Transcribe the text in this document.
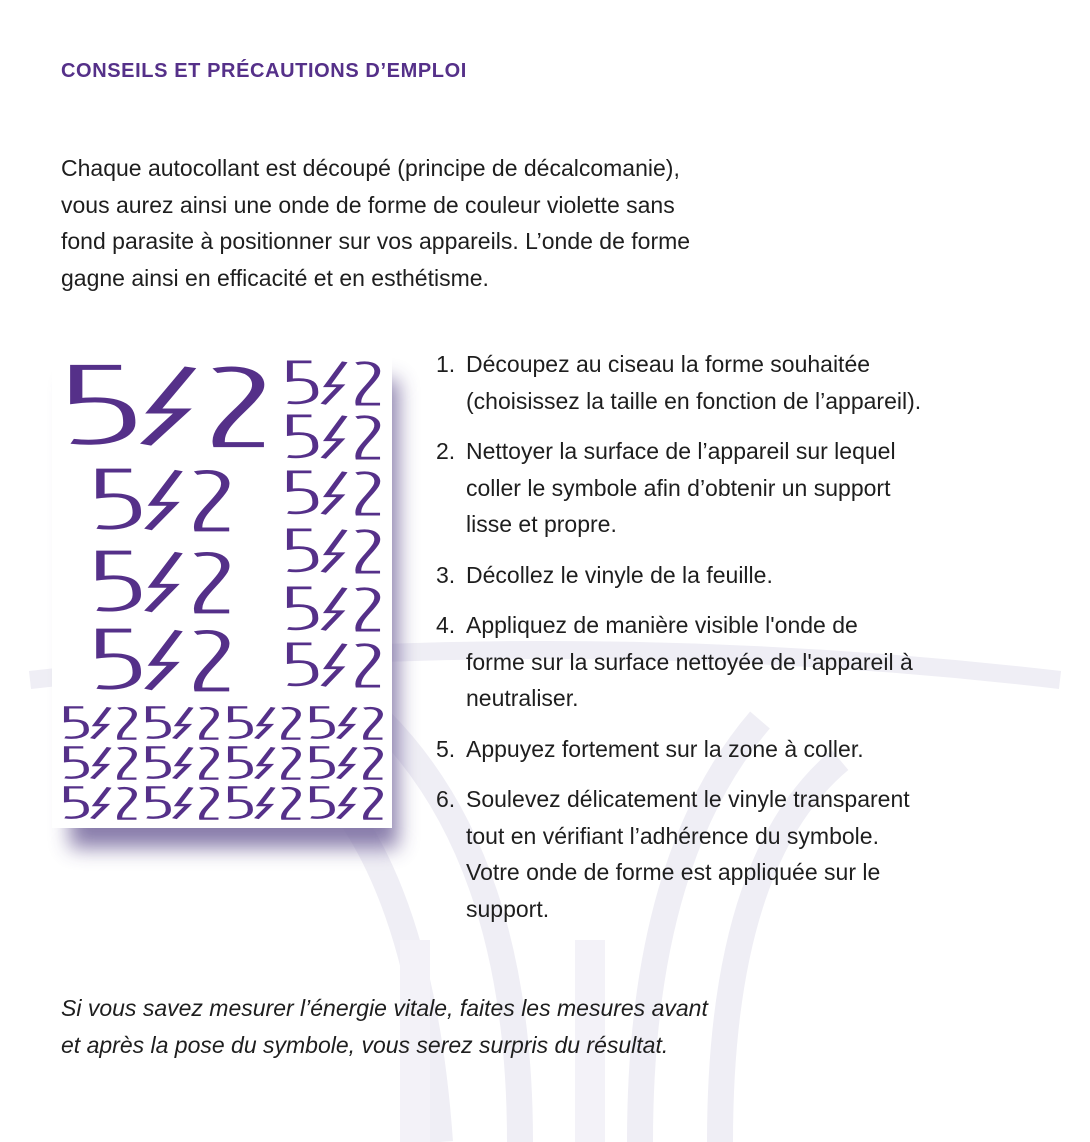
CONSEILS ET PRÉCAUTIONS D’EMPLOI
Chaque autocollant est découpé (principe de décalcomanie),
vous aurez ainsi une onde de forme de couleur violette sans
fond parasite à positionner sur vos appareils. L’onde de forme
gagne ainsi en efficacité et en esthétisme.
1. Découpez au ciseau la forme souhaitée
(choisissez la taille en fonction de l’appareil).
2. Nettoyer la surface de l’appareil sur lequel
coller le symbole afin d’obtenir un support
lisse et propre.
3. Décollez le vinyle de la feuille.
4. Appliquez de manière visible l'onde de
forme sur la surface nettoyée de l'appareil à
neutraliser.
5. Appuyez fortement sur la zone à coller.
6. Soulevez délicatement le vinyle transparent
tout en vérifiant l’adhérence du symbole.
Votre onde de forme est appliquée sur le
support.
Si vous savez mesurer l’énergie vitale, faites les mesures avant
et après la pose du symbole, vous serez surpris du résultat.
